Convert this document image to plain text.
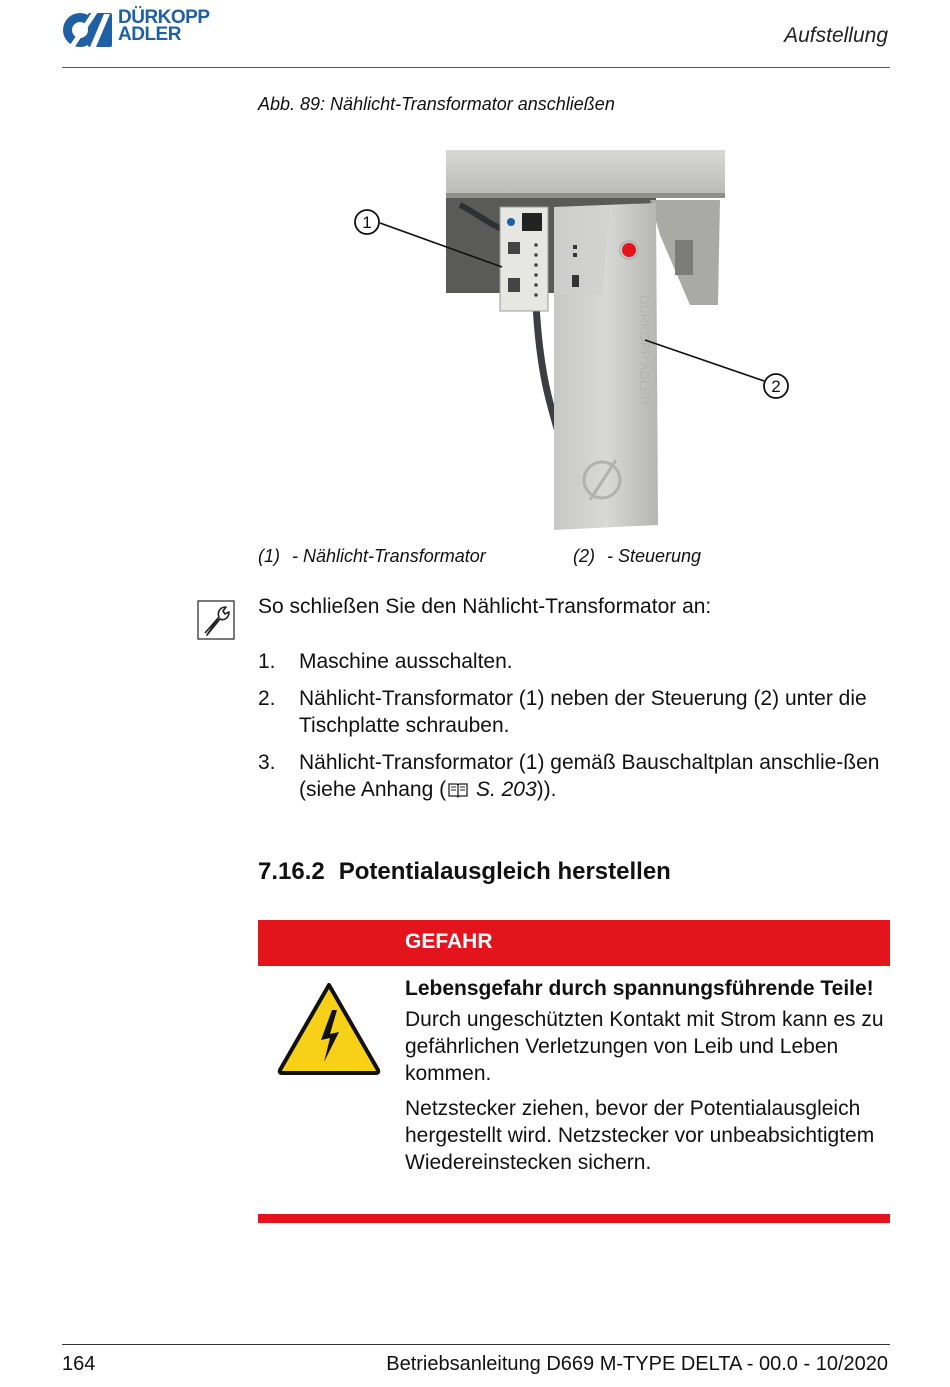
DÜRKOPP
ADLER	Aufstellung
Abb. 89: Nählicht-Transformator anschließen
DÜRKOPP ADLER
1
2
(1) - Nählicht-Transformator	(2) - Steuerung
So schließen Sie den Nählicht-Transformator an:
1.	Maschine ausschalten.
2.	Nählicht-Transformator (1) neben der Steuerung (2) unter die Tischplatte schrauben.
3.	Nählicht-Transformator (1) gemäß Bauschaltplan anschlie-ßen (siehe Anhang ( S. 203)).
7.16.2 Potentialausgleich herstellen
GEFAHR
Lebensgefahr durch spannungsführende Teile!
Durch ungeschützten Kontakt mit Strom kann es zu gefährlichen Verletzungen von Leib und Leben kommen.
Netzstecker ziehen, bevor der Potentialausgleich hergestellt wird. Netzstecker vor unbeabsichtigtem Wiedereinstecken sichern.
164	Betriebsanleitung D669 M-TYPE DELTA - 00.0 - 10/2020
